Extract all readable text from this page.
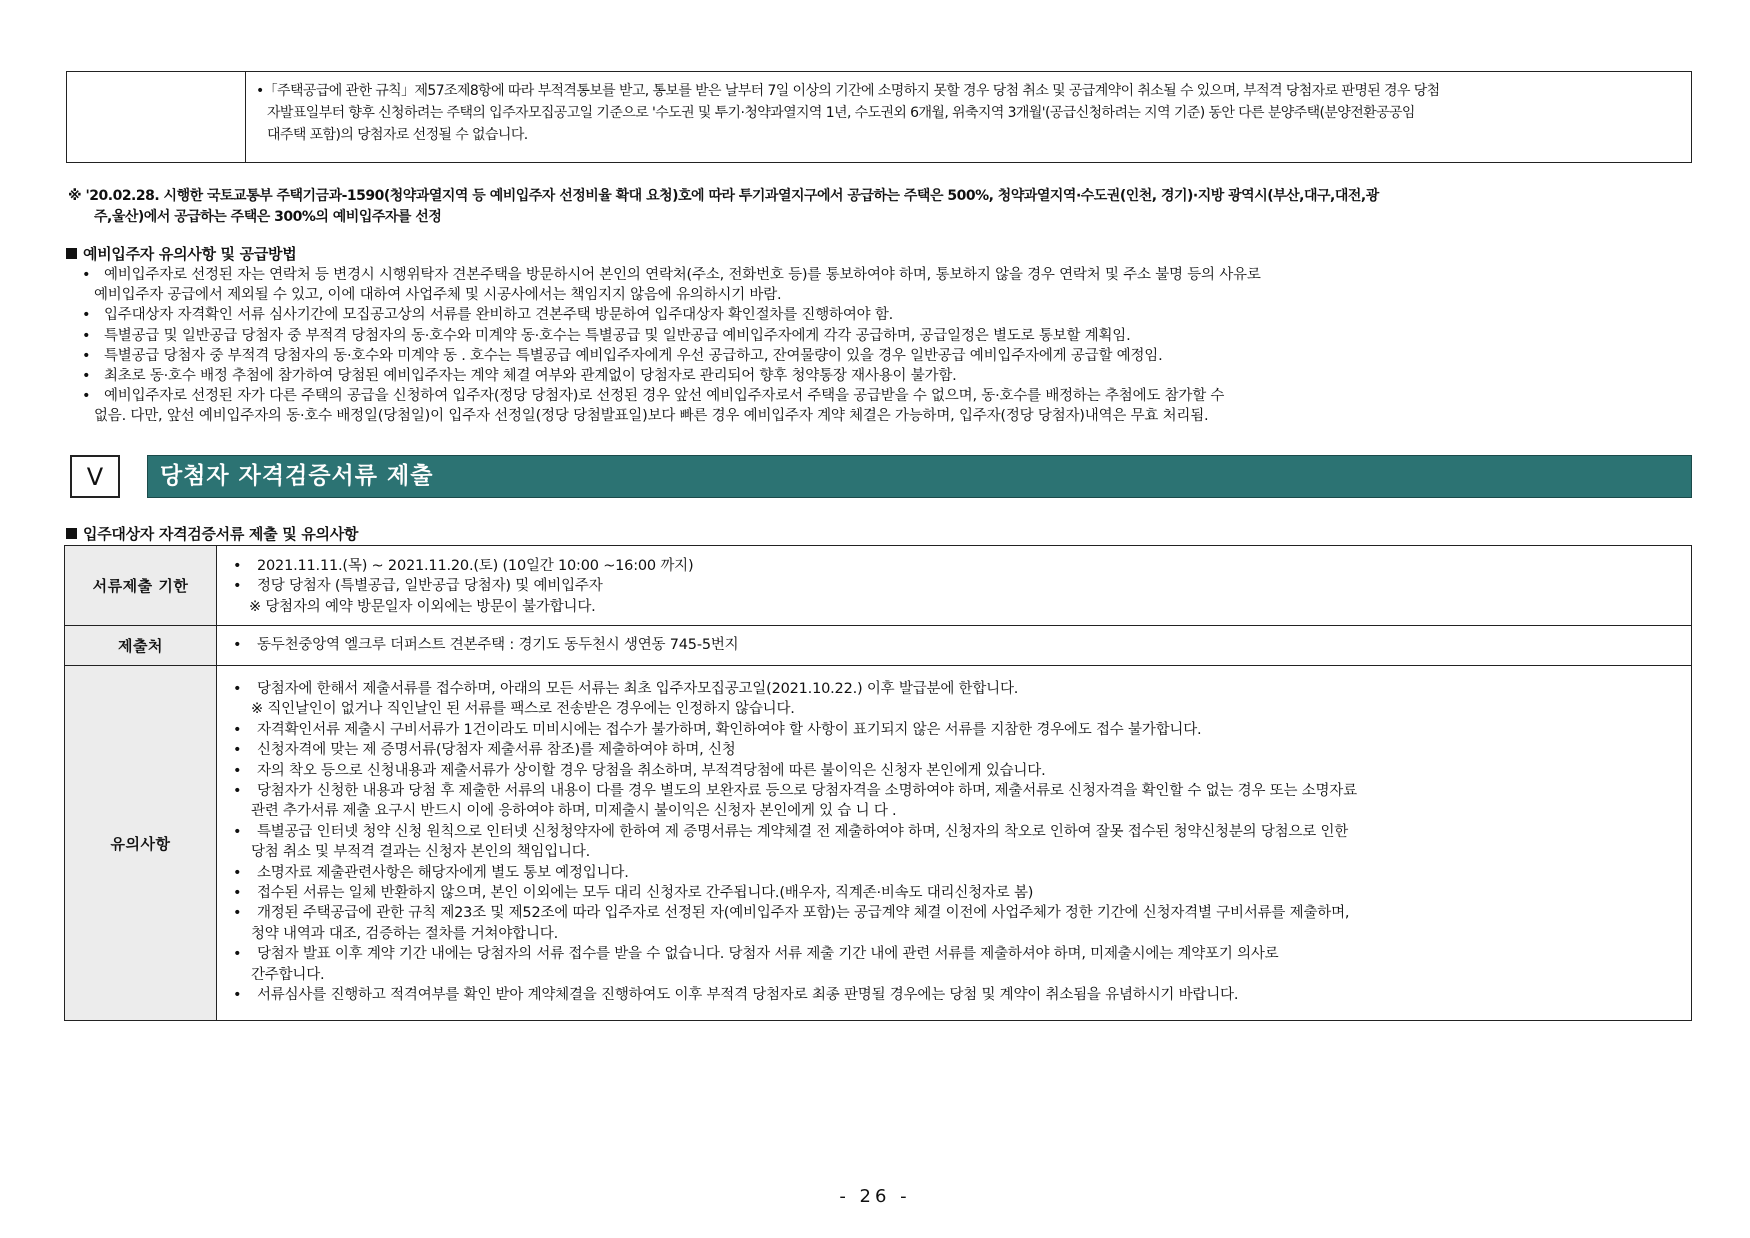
•「주택공급에 관한 규칙」제57조제8항에 따라 부적격통보를 받고, 통보를 받은 날부터 7일 이상의 기간에 소명하지 못할 경우 당첨 취소 및 공급계약이 취소될 수 있으며, 부적격 당첨자로 판명된 경우 당첨
자발표일부터 향후 신청하려는 주택의 입주자모집공고일 기준으로 '수도권 및 투기·청약과열지역 1년, 수도권외 6개월, 위축지역 3개월'(공급신청하려는 지역 기준) 동안 다른 분양주택(분양전환공공임
대주택 포함)의 당첨자로 선정될 수 없습니다.
※ '20.02.28. 시행한 국토교통부 주택기금과-1590(청약과열지역 등 예비입주자 선정비율 확대 요청)호에 따라 투기과열지구에서 공급하는 주택은 500%, 청약과열지역·수도권(인천, 경기)·지방 광역시(부산,대구,대전,광
주,울산)에서 공급하는 주택은 300%의 예비입주자를 선정
예비입주자 유의사항 및 공급방법
• 예비입주자로 선정된 자는 연락처 등 변경시 시행위탁자 견본주택을 방문하시어 본인의 연락처(주소, 전화번호 등)를 통보하여야 하며, 통보하지 않을 경우 연락처 및 주소 불명 등의 사유로
예비입주자 공급에서 제외될 수 있고, 이에 대하여 사업주체 및 시공사에서는 책임지지 않음에 유의하시기 바람.
• 입주대상자 자격확인 서류 심사기간에 모집공고상의 서류를 완비하고 견본주택 방문하여 입주대상자 확인절차를 진행하여야 함.
• 특별공급 및 일반공급 당첨자 중 부적격 당첨자의 동·호수와 미계약 동·호수는 특별공급 및 일반공급 예비입주자에게 각각 공급하며, 공급일정은 별도로 통보할 계획임.
• 특별공급 당첨자 중 부적격 당첨자의 동·호수와 미계약 동 . 호수는 특별공급 예비입주자에게 우선 공급하고, 잔여물량이 있을 경우 일반공급 예비입주자에게 공급할 예정임.
• 최초로 동·호수 배정 추첨에 참가하여 당첨된 예비입주자는 계약 체결 여부와 관계없이 당첨자로 관리되어 향후 청약통장 재사용이 불가함.
• 예비입주자로 선정된 자가 다른 주택의 공급을 신청하여 입주자(정당 당첨자)로 선정된 경우 앞선 예비입주자로서 주택을 공급받을 수 없으며, 동·호수를 배정하는 추첨에도 참가할 수
없음. 다만, 앞선 예비입주자의 동·호수 배정일(당첨일)이 입주자 선정일(정당 당첨발표일)보다 빠른 경우 예비입주자 계약 체결은 가능하며, 입주자(정당 당첨자)내역은 무효 처리됨.
V	당첨자 자격검증서류 제출
입주대상자 자격검증서류 제출 및 유의사항
서류제출 기한
• 2021.11.11.(목) ~ 2021.11.20.(토) (10일간 10:00 ~16:00 까지)
• 정당 당첨자 (특별공급, 일반공급 당첨자) 및 예비입주자
※ 당첨자의 예약 방문일자 이외에는 방문이 불가합니다.
제출처	• 동두천중앙역 엘크루 더퍼스트 견본주택 : 경기도 동두천시 생연동 745-5번지
유의사항
• 당첨자에 한해서 제출서류를 접수하며, 아래의 모든 서류는 최초 입주자모집공고일(2021.10.22.) 이후 발급분에 한합니다.
※ 직인날인이 없거나 직인날인 된 서류를 팩스로 전송받은 경우에는 인정하지 않습니다.
• 자격확인서류 제출시 구비서류가 1건이라도 미비시에는 접수가 불가하며, 확인하여야 할 사항이 표기되지 않은 서류를 지참한 경우에도 접수 불가합니다.
• 신청자격에 맞는 제 증명서류(당첨자 제출서류 참조)를 제출하여야 하며, 신청
• 자의 착오 등으로 신청내용과 제출서류가 상이할 경우 당첨을 취소하며, 부적격당첨에 따른 불이익은 신청자 본인에게 있습니다.
• 당첨자가 신청한 내용과 당첨 후 제출한 서류의 내용이 다를 경우 별도의 보완자료 등으로 당첨자격을 소명하여야 하며, 제출서류로 신청자격을 확인할 수 없는 경우 또는 소명자료
관련 추가서류 제출 요구시 반드시 이에 응하여야 하며, 미제출시 불이익은 신청자 본인에게 있 습 니 다 .
• 특별공급 인터넷 청약 신청 원칙으로 인터넷 신청청약자에 한하여 제 증명서류는 계약체결 전 제출하여야 하며, 신청자의 착오로 인하여 잘못 접수된 청약신청분의 당첨으로 인한
당첨 취소 및 부적격 결과는 신청자 본인의 책임입니다.
• 소명자료 제출관련사항은 해당자에게 별도 통보 예정입니다.
• 접수된 서류는 일체 반환하지 않으며, 본인 이외에는 모두 대리 신청자로 간주됩니다.(배우자, 직계존·비속도 대리신청자로 봄)
• 개정된 주택공급에 관한 규칙 제23조 및 제52조에 따라 입주자로 선정된 자(예비입주자 포함)는 공급계약 체결 이전에 사업주체가 정한 기간에 신청자격별 구비서류를 제출하며,
청약 내역과 대조, 검증하는 절차를 거쳐야합니다.
• 당첨자 발표 이후 계약 기간 내에는 당첨자의 서류 접수를 받을 수 없습니다. 당첨자 서류 제출 기간 내에 관련 서류를 제출하셔야 하며, 미제출시에는 계약포기 의사로
간주합니다.
• 서류심사를 진행하고 적격여부를 확인 받아 계약체결을 진행하여도 이후 부적격 당첨자로 최종 판명될 경우에는 당첨 및 계약이 취소됨을 유념하시기 바랍니다.
- 26 -
